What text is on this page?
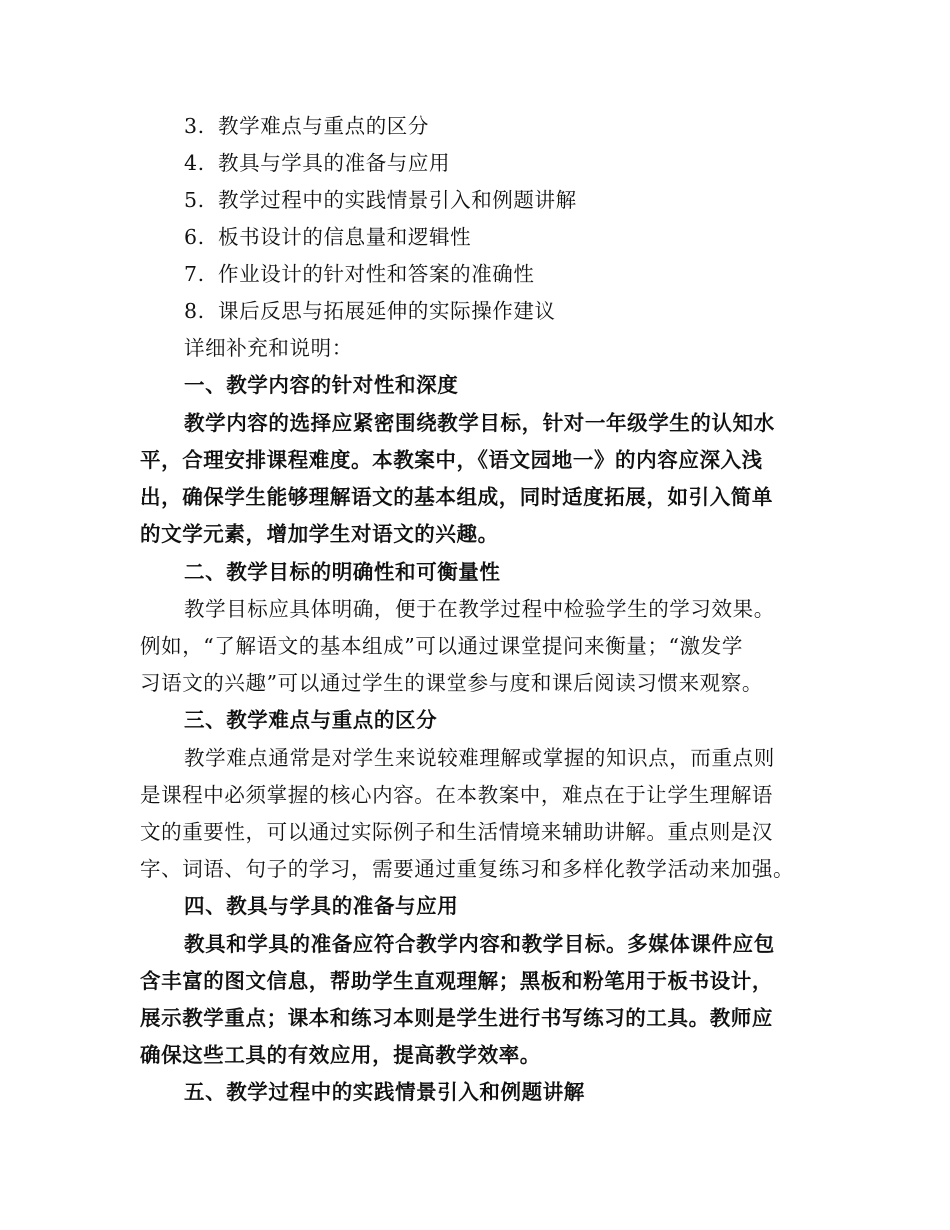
3. 教学难点与重点的区分
4. 教具与学具的准备与应用
5. 教学过程中的实践情景引入和例题讲解
6. 板书设计的信息量和逻辑性
7. 作业设计的针对性和答案的准确性
8. 课后反思与拓展延伸的实际操作建议
详细补充和说明：
一、教学内容的针对性和深度
教学内容的选择应紧密围绕教学目标，针对一年级学生的认知水
平，合理安排课程难度。本教案中，《语文园地一》的内容应深入浅
出，确保学生能够理解语文的基本组成，同时适度拓展，如引入简单
的文学元素，增加学生对语文的兴趣。
二、教学目标的明确性和可衡量性
教学目标应具体明确，便于在教学过程中检验学生的学习效果。
例如，“了解语文的基本组成”可以通过课堂提问来衡量；“激发学
习语文的兴趣”可以通过学生的课堂参与度和课后阅读习惯来观察。
三、教学难点与重点的区分
教学难点通常是对学生来说较难理解或掌握的知识点，而重点则
是课程中必须掌握的核心内容。在本教案中，难点在于让学生理解语
文的重要性，可以通过实际例子和生活情境来辅助讲解。重点则是汉
字、词语、句子的学习，需要通过重复练习和多样化教学活动来加强。
四、教具与学具的准备与应用
教具和学具的准备应符合教学内容和教学目标。多媒体课件应包
含丰富的图文信息，帮助学生直观理解；黑板和粉笔用于板书设计，
展示教学重点；课本和练习本则是学生进行书写练习的工具。教师应
确保这些工具的有效应用，提高教学效率。
五、教学过程中的实践情景引入和例题讲解
